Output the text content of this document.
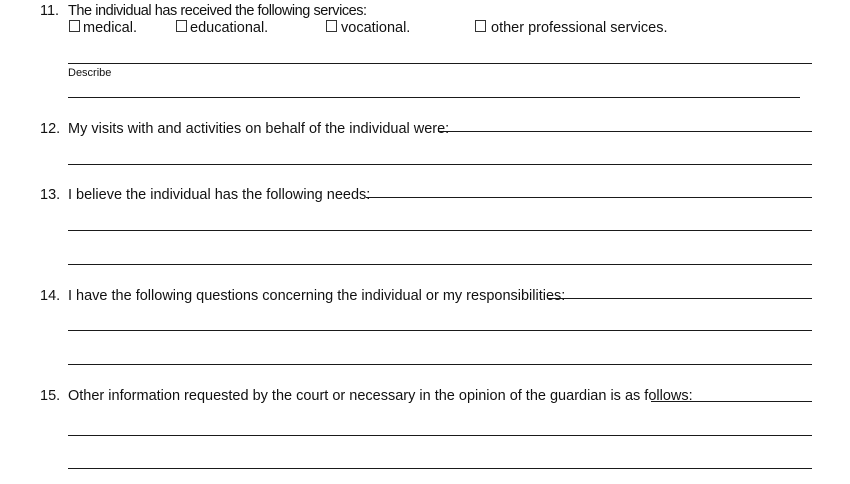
11. The individual has received the following services:
medical.	educational.	vocational.	other professional services.
Describe
12. My visits with and activities on behalf of the individual were:
13. I believe the individual has the following needs:
14. I have the following questions concerning the individual or my responsibilities:
15. Other information requested by the court or necessary in the opinion of the guardian is as follows:
